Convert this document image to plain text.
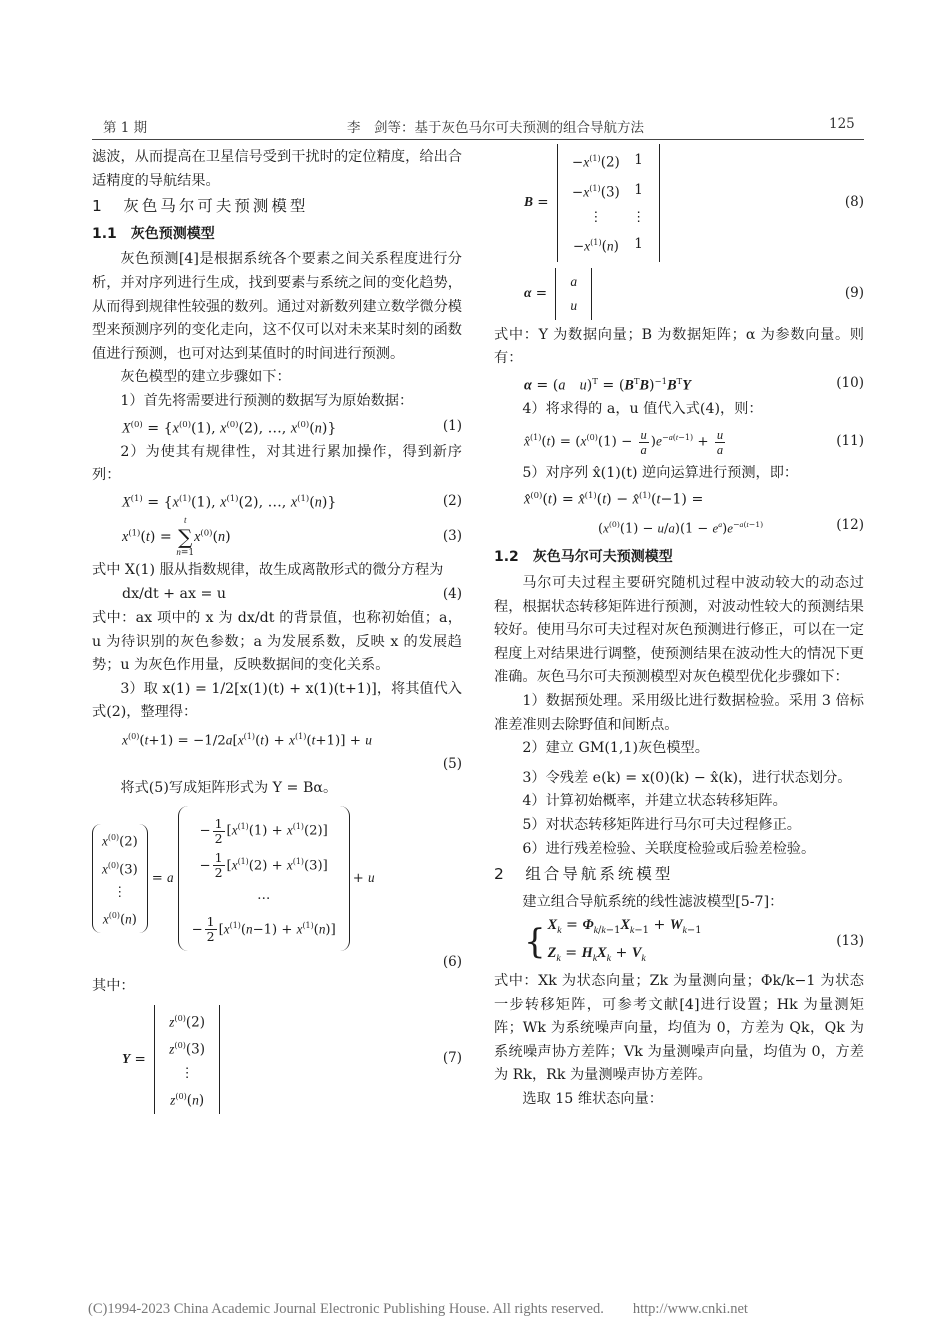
第 1 期	李　剑等：基于灰色马尔可夫预测的组合导航方法	125

滤波，从而提高在卫星信号受到干扰时的定位精度，给出合适精度的导航结果。

1　灰色马尔可夫预测模型
1.1　灰色预测模型

灰色预测[4]是根据系统各个要素之间关系程度进行分析，并对序列进行生成，找到要素与系统之间的变化趋势，从而得到规律性较强的数列。通过对新数列建立数学微分模型来预测序列的变化走向，这不仅可以对未来某时刻的函数值进行预测，也可对达到某值时的时间进行预测。

灰色模型的建立步骤如下：

1）首先将需要进行预测的数据写为原始数据：

$X^{(0)} = \{x^{(0)}(1)$, $x^{(0)}(2)$, …, $x^{(0)}(n)$}	(1)

2）为使其有规律性，对其进行累加操作，得到新序列：

$X^{(1)} = \{x^{(1)}(1)$, $x^{(1)}(2)$, …, $x^{(1)}(n)$}	(2)
$x^{(1)}(t)$ =
t
∑
n=1
$x^{(0)}(n)$	(3)

式中 X(1) 服从指数规律，故生成离散形式的微分方程为

dx/dt + ax = u	(4)

式中：ax 项中的 x 为 dx/dt 的背景值，也称初始值；a，u 为待识别的灰色参数；a 为发展系数，反映 x 的发展趋势；u 为灰色作用量，反映数据间的变化关系。

3）取 x(1) = 1/2[x(1)(t) + x(1)(t+1)]，将其值代入式(2)，整理得：

$x^{(0)}(t+1) = -1/2a[x^{(1)}(t) + x^{(1)}(t+1)] + u$
(5)

将式(5)写成矩阵形式为 Y = Bα。

$x^{(0)}(2)$
$x^{(0)}(3)$
⋮
$x^{(0)}(n)$
= a
− $\frac{1}{2} [x^{(1)}(1) + x^{(1)}(2)]$
− $\frac{1}{2} [x^{(1)}(2) + x^{(1)}(3)]$
…
− $\frac{1}{2} [x^{(1)}(n-1) + x^{(1)}(n)]$
+ u
(6)

其中：

Y =
$z^{(0)}(2)$
$z^{(0)}(3)$
⋮
$z^{(0)}(n)$
(7)
B =
$-x^{(1)}(2)$	1
$-x^{(1)}(3)$	1
⋮	⋮
$-x^{(1)}(n)$	1
(8)
α =
a
u
(9)

式中：Y 为数据向量；B 为数据矩阵；α 为参数向量。则有：

α = (a　 $u)^T = (B^TB)^{-1}B^TY$	(10)

4）将求得的 a，u 值代入式(4)，则：

x̂$^{(1)}$(t) = $(x^{(0)}(1) - \frac{u}{a} )e^{-a(t-1)} + \frac{u}{a}$	(11)

5）对序列 x̂(1)(t) 逆向运算进行预测，即：

x̂$^{(0)}$(t) = x̂$^{(1)}$(t) − x̂$^{(1)}$(t−1) =
$(x^{(0)}(1) - u/a)(1 - e^a)e^{-a(t-1)}$	(12)
1.2　灰色马尔可夫预测模型

马尔可夫过程主要研究随机过程中波动较大的动态过程，根据状态转移矩阵进行预测，对波动性较大的预测结果较好。使用马尔可夫过程对灰色预测进行修正，可以在一定程度上对结果进行调整，使预测结果在波动性大的情况下更准确。灰色马尔可夫预测模型对灰色模型优化步骤如下：

1）数据预处理。采用级比进行数据检验。采用 3 倍标准差准则去除野值和间断点。

2）建立 GM(1,1)灰色模型。

3）令残差 e(k) = x(0)(k) − x̂(k)，进行状态划分。

4）计算初始概率，并建立状态转移矩阵。

5）对状态转移矩阵进行马尔可夫过程修正。

6）进行残差检验、关联度检验或后验差检验。

2　组合导航系统模型

建立组合导航系统的线性滤波模型[5-7]：

{ $X_k = \Phi_{k/k-1}X_{k-1} + W_{k-1}$
$Z_k = H_kX_k + V_k$
(13)

式中：Xk 为状态向量；Zk 为量测向量；Φk/k−1 为状态一步转移矩阵，可参考文献[4]进行设置；Hk 为量测矩阵；Wk 为系统噪声向量，均值为 0，方差为 Qk，Qk 为系统噪声协方差阵；Vk 为量测噪声向量，均值为 0，方差为 Rk，Rk 为量测噪声协方差阵。

选取 15 维状态向量：

(C)1994-2023 China Academic Journal Electronic Publishing House. All rights reserved.　　http://www.cnki.net
